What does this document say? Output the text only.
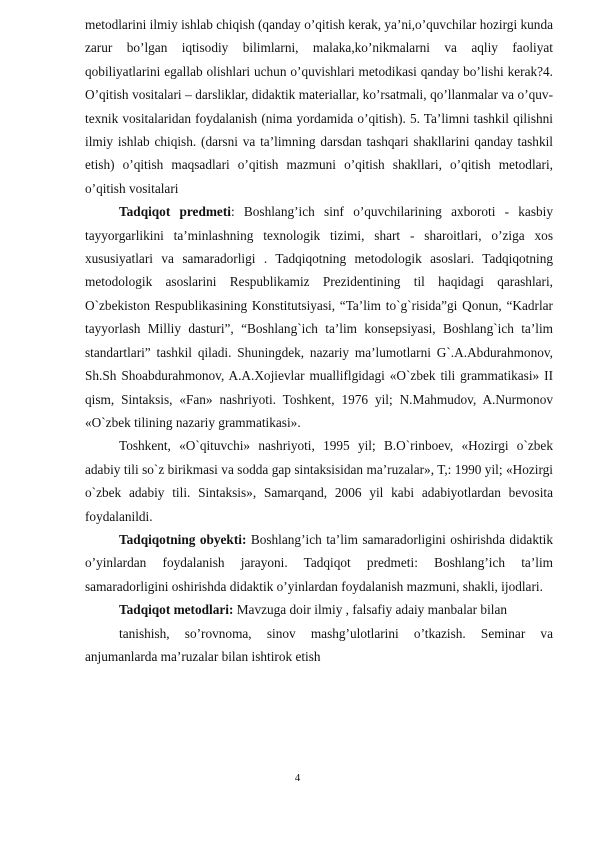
metodlarini ilmiy ishlab chiqish (qanday o’qitish kerak, ya’ni,o’quvchilar hozirgi kunda zarur bo’lgan iqtisodiy bilimlarni, malaka,ko’nikmalarni va aqliy faoliyat qobiliyatlarini egallab olishlari uchun o’quvishlari metodikasi qanday bo’lishi kerak?4. O’qitish vositalari – darsliklar, didaktik materiallar, ko’rsatmali, qo’llanmalar va o’quv- texnik vositalaridan foydalanish (nima yordamida o’qitish). 5. Ta’limni tashkil qilishni ilmiy ishlab chiqish. (darsni va ta’limning darsdan tashqari shakllarini qanday tashkil etish) o’qitish maqsadlari o’qitish mazmuni o’qitish shakllari, o’qitish metodlari, o’qitish vositalari

Tadqiqot predmeti: Boshlang’ich sinf o’quvchilarining axboroti - kasbiy tayyorgarlikini ta’minlashning texnologik tizimi, shart - sharoitlari, o’ziga xos xususiyatlari va samaradorligi . Tadqiqotning metodologik asoslari. Tadqiqotning metodologik asoslarini Respublikamiz Prezidentining til haqidagi qarashlari, O`zbekiston Respublikasining Konstitutsiyasi, “Ta’lim to`g`risida”gi Qonun, “Kadrlar tayyorlash Milliy dasturi”, “Boshlang`ich ta’lim konsepsiyasi, Boshlang`ich ta’lim standartlari” tashkil qiladi. Shuningdek, nazariy ma’lumotlarni G`.A.Abdurahmonov, Sh.Sh Shoabdurahmonov, A.A.Xojievlar mualliflgidagi «O`zbek tili grammatikasi» II qism, Sintaksis, «Fan» nashriyoti. Toshkent, 1976 yil; N.Mahmudov, A.Nurmonov «O`zbek tilining nazariy grammatikasi».

Toshkent, «O`qituvchi» nashriyoti, 1995 yil; B.O`rinboev, «Hozirgi o`zbek adabiy tili so`z birikmasi va sodda gap sintaksisidan ma’ruzalar», T,: 1990 yil; «Hozirgi o`zbek adabiy tili. Sintaksis», Samarqand, 2006 yil kabi adabiyotlardan bevosita foydalanildi.

Tadqiqotning obyekti: Boshlang’ich ta’lim samaradorligini oshirishda didaktik o’yinlardan foydalanish jarayoni. Tadqiqot predmeti: Boshlang’ich ta’lim samaradorligini oshirishda didaktik o’yinlardan foydalanish mazmuni, shakli, ijodlari.

Tadqiqot metodlari: Mavzuga doir ilmiy , falsafiy adaiy manbalar bilan

tanishish, so’rovnoma, sinov mashg’ulotlarini o’tkazish. Seminar va anjumanlarda ma’ruzalar bilan ishtirok etish

4
